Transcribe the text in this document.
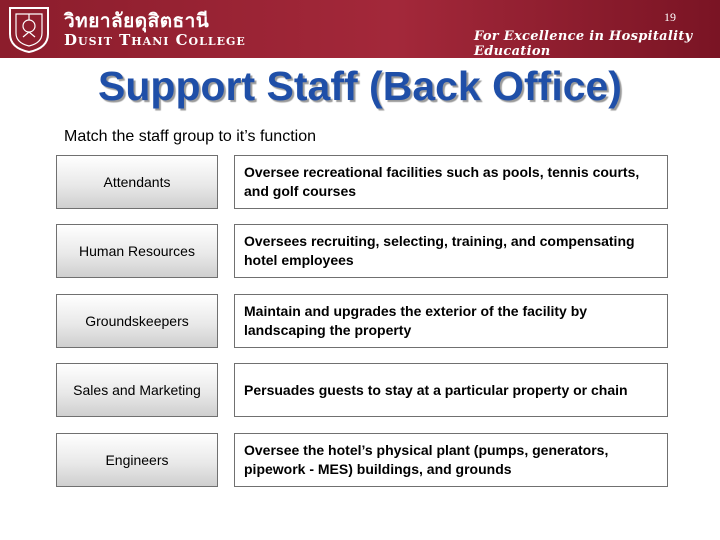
วิทยาลัยดุสิตธานี
Dusit Thani College
19
For Excellence in Hospitality Education
Support Staff (Back Office)
Match the staff group to it’s function
Attendants
Oversee recreational facilities such as pools, tennis courts, and golf courses
Human Resources
Oversees recruiting, selecting, training, and compensating hotel employees
Groundskeepers
Maintain and upgrades the exterior of the facility by landscaping the property
Sales and Marketing	Persuades guests to stay at a particular property or chain
Engineers
Oversee the hotel’s physical plant (pumps, generators, pipework - MES) buildings, and grounds
